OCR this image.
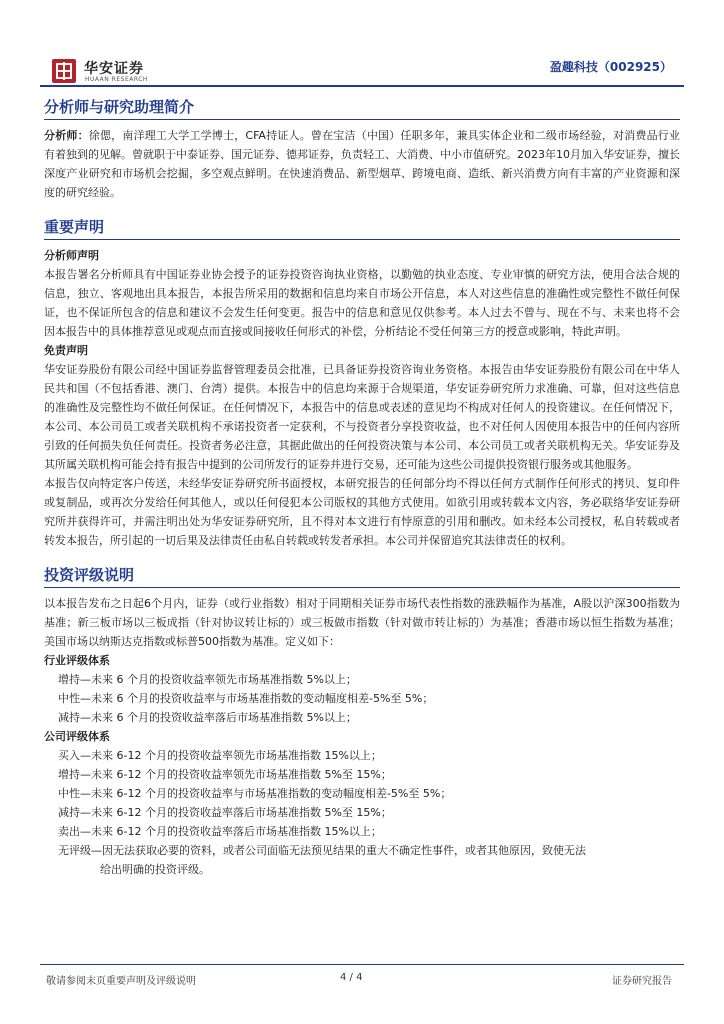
华安证券
HUAAN RESEARCH
盈趣科技（002925）
分析师与研究助理简介

分析师：徐偲，南洋理工大学工学博士，CFA持证人。曾在宝洁（中国）任职多年，兼具实体企业和二级市场经验，对消费品行业有着独到的见解。曾就职于中泰证券、国元证券、德邦证券，负责轻工、大消费、中小市值研究。2023年10月加入华安证券，擅长深度产业研究和市场机会挖掘，多空观点鲜明。在快速消费品、新型烟草、跨境电商、造纸、新兴消费方向有丰富的产业资源和深度的研究经验。

重要声明
分析师声明

本报告署名分析师具有中国证券业协会授予的证券投资咨询执业资格，以勤勉的执业态度、专业审慎的研究方法，使用合法合规的信息，独立、客观地出具本报告，本报告所采用的数据和信息均来自市场公开信息，本人对这些信息的准确性或完整性不做任何保证，也不保证所包含的信息和建议不会发生任何变更。报告中的信息和意见仅供参考。本人过去不曾与、现在不与、未来也将不会因本报告中的具体推荐意见或观点而直接或间接收任何形式的补偿，分析结论不受任何第三方的授意或影响，特此声明。

免责声明

华安证券股份有限公司经中国证券监督管理委员会批准，已具备证券投资咨询业务资格。本报告由华安证券股份有限公司在中华人民共和国（不包括香港、澳门、台湾）提供。本报告中的信息均来源于合规渠道，华安证券研究所力求准确、可靠，但对这些信息的准确性及完整性均不做任何保证。在任何情况下，本报告中的信息或表述的意见均不构成对任何人的投资建议。在任何情况下，本公司、本公司员工或者关联机构不承诺投资者一定获利，不与投资者分享投资收益，也不对任何人因使用本报告中的任何内容所引致的任何损失负任何责任。投资者务必注意，其据此做出的任何投资决策与本公司、本公司员工或者关联机构无关。华安证券及其所属关联机构可能会持有报告中提到的公司所发行的证券并进行交易，还可能为这些公司提供投资银行服务或其他服务。

本报告仅向特定客户传送，未经华安证券研究所书面授权，本研究报告的任何部分均不得以任何方式制作任何形式的拷贝、复印件或复制品，或再次分发给任何其他人，或以任何侵犯本公司版权的其他方式使用。如欲引用或转载本文内容，务必联络华安证券研究所并获得许可，并需注明出处为华安证券研究所，且不得对本文进行有悖原意的引用和删改。如未经本公司授权，私自转载或者转发本报告，所引起的一切后果及法律责任由私自转载或转发者承担。本公司并保留追究其法律责任的权利。

投资评级说明

以本报告发布之日起6个月内，证券（或行业指数）相对于同期相关证券市场代表性指数的涨跌幅作为基准，A股以沪深300指数为基准；新三板市场以三板成指（针对协议转让标的）或三板做市指数（针对做市转让标的）为基准；香港市场以恒生指数为基准；美国市场以纳斯达克指数或标普500指数为基准。定义如下：

行业评级体系

增持—未来 6 个月的投资收益率领先市场基准指数 5%以上；

中性—未来 6 个月的投资收益率与市场基准指数的变动幅度相差-5%至 5%；

减持—未来 6 个月的投资收益率落后市场基准指数 5%以上；

公司评级体系

买入—未来 6-12 个月的投资收益率领先市场基准指数 15%以上；

增持—未来 6-12 个月的投资收益率领先市场基准指数 5%至 15%；

中性—未来 6-12 个月的投资收益率与市场基准指数的变动幅度相差-5%至 5%；

减持—未来 6-12 个月的投资收益率落后市场基准指数 5%至 15%；

卖出—未来 6-12 个月的投资收益率落后市场基准指数 15%以上；

无评级—因无法获取必要的资料，或者公司面临无法预见结果的重大不确定性事件，或者其他原因，致使无法
给出明确的投资评级。
敬请参阅末页重要声明及评级说明	4 / 4	证券研究报告
